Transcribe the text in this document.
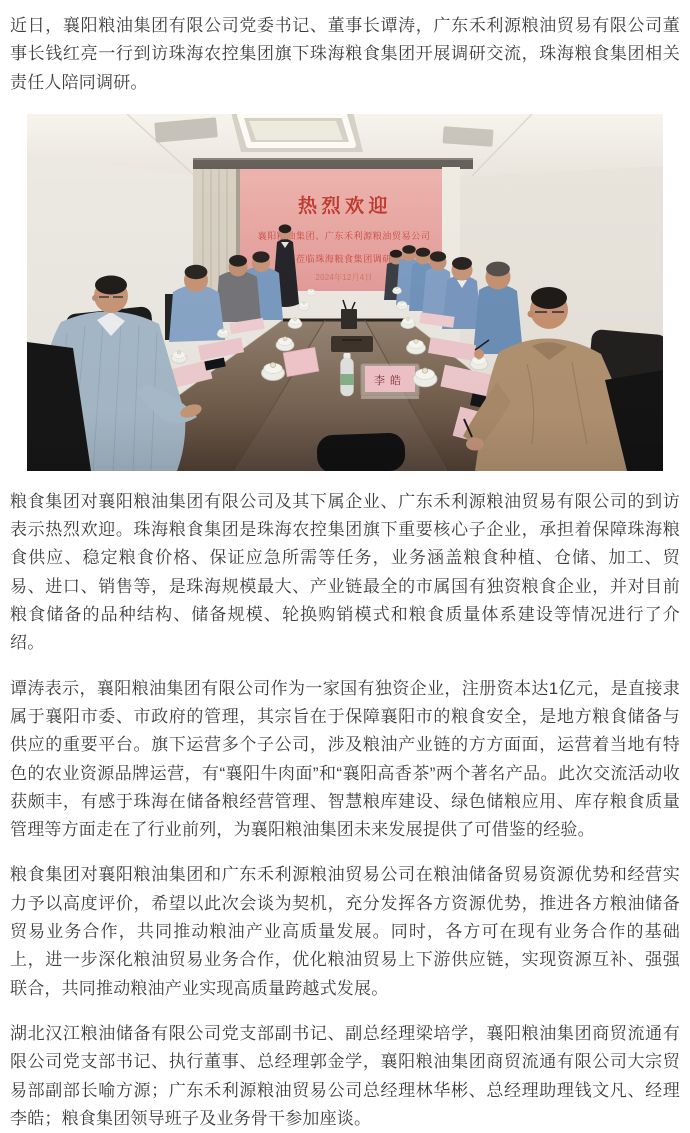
近日，襄阳粮油集团有限公司党委书记、董事长谭涛，广东禾利源粮油贸易有限公司董事长钱红亮一行到访珠海农控集团旗下珠海粮食集团开展调研交流，珠海粮食集团相关责任人陪同调研。

粮食集团对襄阳粮油集团有限公司及其下属企业、广东禾利源粮油贸易有限公司的到访表示热烈欢迎。珠海粮食集团是珠海农控集团旗下重要核心子企业，承担着保障珠海粮食供应、稳定粮食价格、保证应急所需等任务，业务涵盖粮食种植、仓储、加工、贸易、进口、销售等，是珠海规模最大、产业链最全的市属国有独资粮食企业，并对目前粮食储备的品种结构、储备规模、轮换购销模式和粮食质量体系建设等情况进行了介绍。

谭涛表示，襄阳粮油集团有限公司作为一家国有独资企业，注册资本达1亿元，是直接隶属于襄阳市委、市政府的管理，其宗旨在于保障襄阳市的粮食安全，是地方粮食储备与供应的重要平台。旗下运营多个子公司，涉及粮油产业链的方方面面，运营着当地有特色的农业资源品牌运营，有“襄阳牛肉面”和“襄阳高香茶”两个著名产品。此次交流活动收获颇丰，有感于珠海在储备粮经营管理、智慧粮库建设、绿色储粮应用、库存粮食质量管理等方面走在了行业前列，为襄阳粮油集团未来发展提供了可借鉴的经验。

粮食集团对襄阳粮油集团和广东禾利源粮油贸易公司在粮油储备贸易资源优势和经营实力予以高度评价，希望以此次会谈为契机，充分发挥各方资源优势，推进各方粮油储备贸易业务合作，共同推动粮油产业高质量发展。同时，各方可在现有业务合作的基础上，进一步深化粮油贸易业务合作，优化粮油贸易上下游供应链，实现资源互补、强强联合，共同推动粮油产业实现高质量跨越式发展。

湖北汉江粮油储备有限公司党支部副书记、副总经理梁培学，襄阳粮油集团商贸流通有限公司党支部书记、执行董事、总经理郭金学，襄阳粮油集团商贸流通有限公司大宗贸易部副部长喻方源；广东禾利源粮油贸易公司总经理林华彬、总经理助理钱文凡、经理李皓；粮食集团领导班子及业务骨干参加座谈。
